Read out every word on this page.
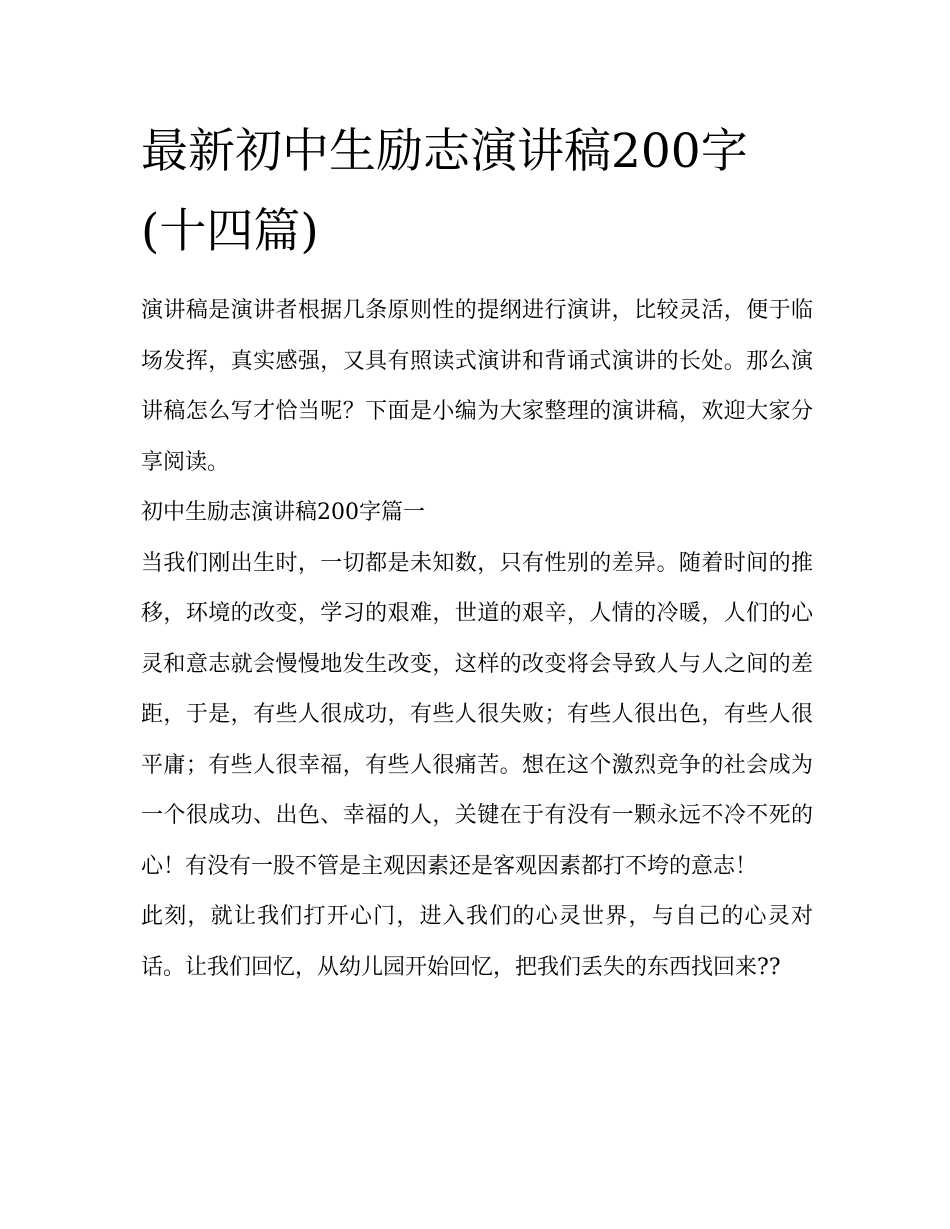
最新初中生励志演讲稿200字
(十四篇)

演讲稿是演讲者根据几条原则性的提纲进行演讲，比较灵活，便于临场发挥，真实感强，又具有照读式演讲和背诵式演讲的长处。那么演讲稿怎么写才恰当呢？下面是小编为大家整理的演讲稿，欢迎大家分享阅读。

初中生励志演讲稿200字篇一

当我们刚出生时，一切都是未知数，只有性别的差异。随着时间的推移，环境的改变，学习的艰难，世道的艰辛，人情的冷暖，人们的心灵和意志就会慢慢地发生改变，这样的改变将会导致人与人之间的差距，于是，有些人很成功，有些人很失败；有些人很出色，有些人很平庸；有些人很幸福，有些人很痛苦。想在这个激烈竞争的社会成为一个很成功、出色、幸福的人，关键在于有没有一颗永远不冷不死的心！有没有一股不管是主观因素还是客观因素都打不垮的意志！

此刻，就让我们打开心门，进入我们的心灵世界，与自己的心灵对话。让我们回忆，从幼儿园开始回忆，把我们丢失的东西找回来??
